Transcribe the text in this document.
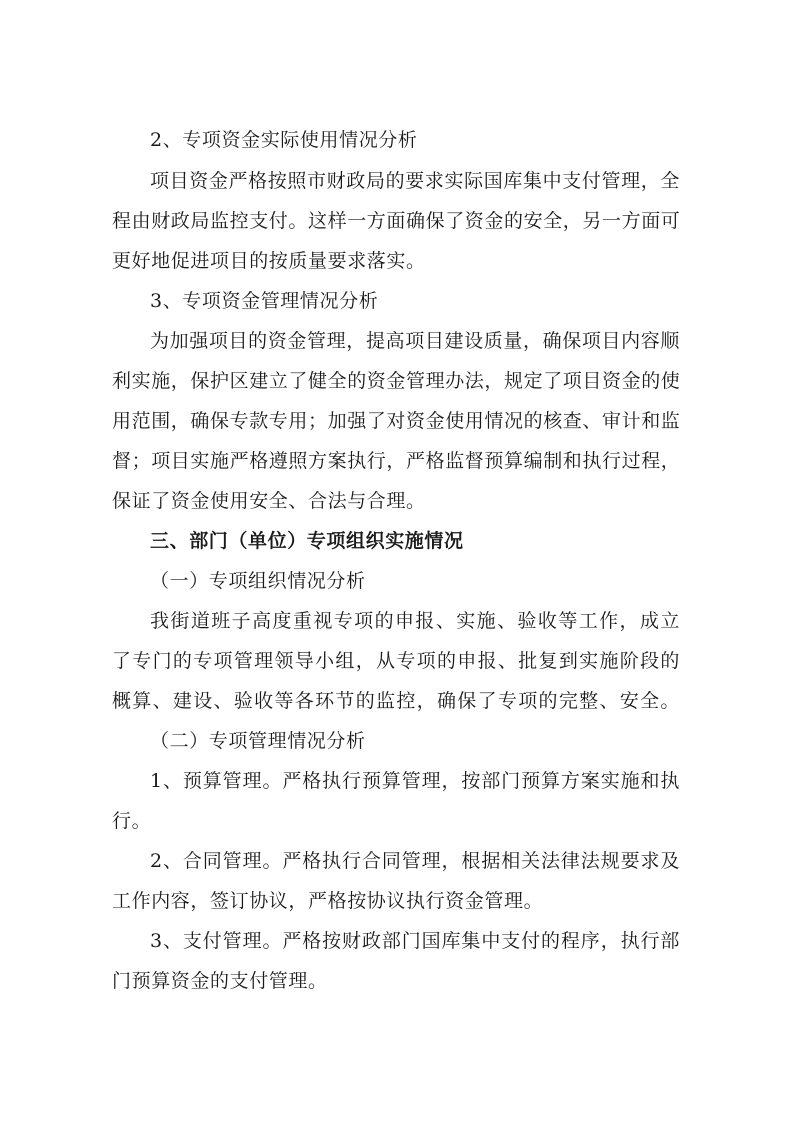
2、专项资金实际使用情况分析
项目资金严格按照市财政局的要求实际国库集中支付管理，全
程由财政局监控支付。这样一方面确保了资金的安全，另一方面可
更好地促进项目的按质量要求落实。
3、专项资金管理情况分析
为加强项目的资金管理，提高项目建设质量，确保项目内容顺
利实施，保护区建立了健全的资金管理办法，规定了项目资金的使
用范围，确保专款专用；加强了对资金使用情况的核查、审计和监
督；项目实施严格遵照方案执行，严格监督预算编制和执行过程，
保证了资金使用安全、合法与合理。
三、部门（单位）专项组织实施情况
（一）专项组织情况分析
我街道班子高度重视专项的申报、实施、验收等工作，成立
了专门的专项管理领导小组，从专项的申报、批复到实施阶段的
概算、建设、验收等各环节的监控，确保了专项的完整、安全。
（二）专项管理情况分析
1、预算管理。严格执行预算管理，按部门预算方案实施和执
行。
2、合同管理。严格执行合同管理，根据相关法律法规要求及
工作内容，签订协议，严格按协议执行资金管理。
3、支付管理。严格按财政部门国库集中支付的程序，执行部
门预算资金的支付管理。
